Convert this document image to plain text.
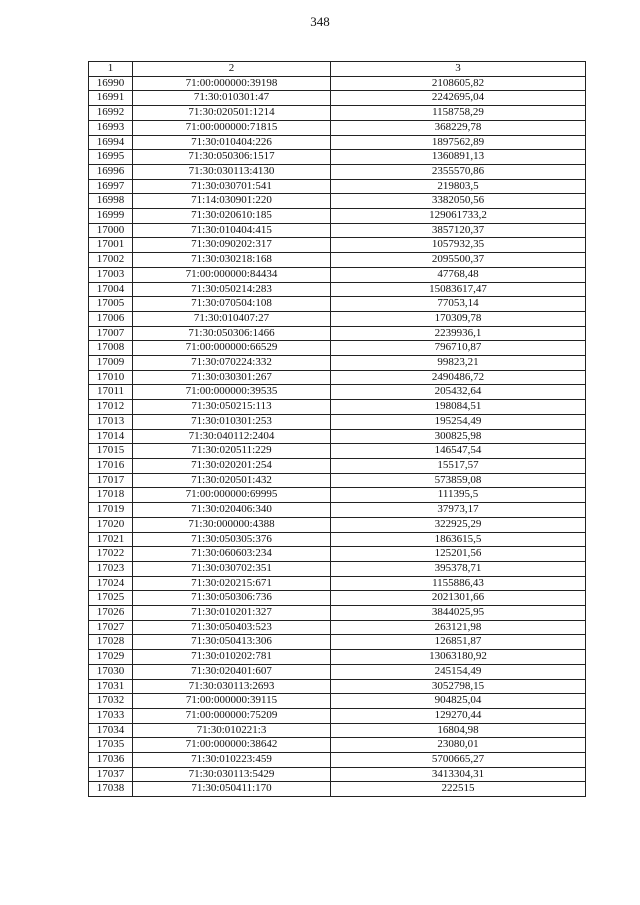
348
1	2	3
16990	71:00:000000:39198	2108605,82
16991	71:30:010301:47	2242695,04
16992	71:30:020501:1214	1158758,29
16993	71:00:000000:71815	368229,78
16994	71:30:010404:226	1897562,89
16995	71:30:050306:1517	1360891,13
16996	71:30:030113:4130	2355570,86
16997	71:30:030701:541	219803,5
16998	71:14:030901:220	3382050,56
16999	71:30:020610:185	129061733,2
17000	71:30:010404:415	3857120,37
17001	71:30:090202:317	1057932,35
17002	71:30:030218:168	2095500,37
17003	71:00:000000:84434	47768,48
17004	71:30:050214:283	15083617,47
17005	71:30:070504:108	77053,14
17006	71:30:010407:27	170309,78
17007	71:30:050306:1466	2239936,1
17008	71:00:000000:66529	796710,87
17009	71:30:070224:332	99823,21
17010	71:30:030301:267	2490486,72
17011	71:00:000000:39535	205432,64
17012	71:30:050215:113	198084,51
17013	71:30:010301:253	195254,49
17014	71:30:040112:2404	300825,98
17015	71:30:020511:229	146547,54
17016	71:30:020201:254	15517,57
17017	71:30:020501:432	573859,08
17018	71:00:000000:69995	111395,5
17019	71:30:020406:340	37973,17
17020	71:30:000000:4388	322925,29
17021	71:30:050305:376	1863615,5
17022	71:30:060603:234	125201,56
17023	71:30:030702:351	395378,71
17024	71:30:020215:671	1155886,43
17025	71:30:050306:736	2021301,66
17026	71:30:010201:327	3844025,95
17027	71:30:050403:523	263121,98
17028	71:30:050413:306	126851,87
17029	71:30:010202:781	13063180,92
17030	71:30:020401:607	245154,49
17031	71:30:030113:2693	3052798,15
17032	71:00:000000:39115	904825,04
17033	71:00:000000:75209	129270,44
17034	71:30:010221:3	16804,98
17035	71:00:000000:38642	23080,01
17036	71:30:010223:459	5700665,27
17037	71:30:030113:5429	3413304,31
17038	71:30:050411:170	222515
